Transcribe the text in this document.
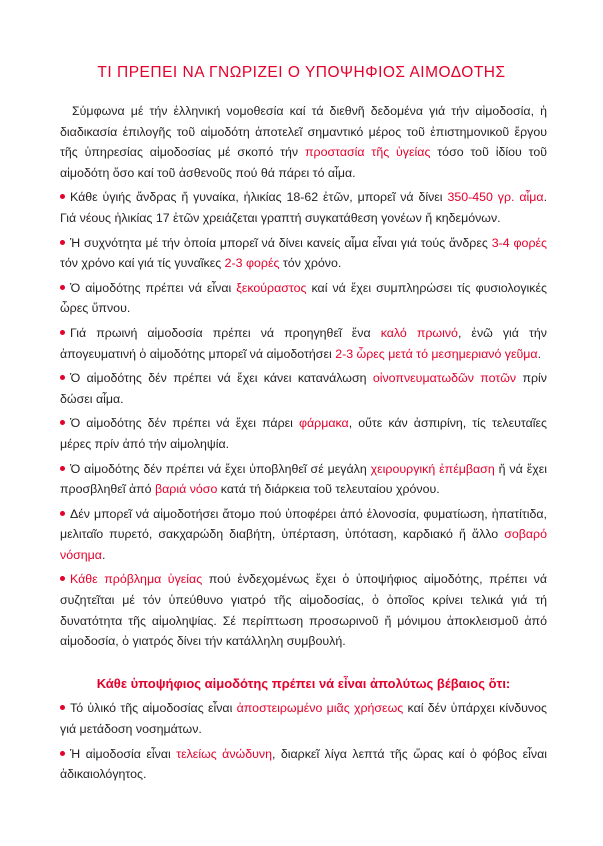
ΤΙ ΠΡΕΠΕΙ ΝΑ ΓΝΩΡΙΖΕΙ Ο ΥΠΟΨΗΦΙΟΣ ΑΙΜΟΔΟΤΗΣ

Σύμφωνα μέ τήν ἑλληνική νομοθεσία καί τά διεθνῆ δεδομένα γιά τήν αἱμοδοσία, ἡ διαδικασία ἐπιλογῆς τοῦ αἱμοδότη ἀποτελεῖ σημαντικό μέρος τοῦ ἐπιστημονικοῦ ἔργου τῆς ὑπηρεσίας αἱμοδοσίας μέ σκοπό τήν προστασία τῆς ὑγείας τόσο τοῦ ἰδίου τοῦ αἱμοδότη ὅσο καί τοῦ ἀσθενοῦς πού θά πάρει τό αἷμα.

Κάθε ὑγιής ἄνδρας ἤ γυναίκα, ἡλικίας 18-62 ἐτῶν, μπορεῖ νά δίνει 350-450 γρ. αἷμα. Γιά νέους ἡλικίας 17 ἐτῶν χρειάζεται γραπτή συγκατάθεση γονέων ἤ κηδεμόνων.

Ἡ συχνότητα μέ τήν ὁποία μπορεῖ νά δίνει κανείς αἷμα εἶναι γιά τούς ἄνδρες 3-4 φορές τόν χρόνο καί γιά τίς γυναῖκες 2-3 φορές τόν χρόνο.

Ὁ αἱμοδότης πρέπει νά εἶναι ξεκούραστος καί νά ἔχει συμπληρώσει τίς φυσιολογικές ὧρες ὕπνου.

Γιά πρωινή αἱμοδοσία πρέπει νά προηγηθεῖ ἕνα καλό πρωινό, ἐνῶ γιά τήν ἀπογευματινή ὁ αἱμοδότης μπορεῖ νά αἱμοδοτήσει 2-3 ὧρες μετά τό μεσημεριανό γεῦμα.

Ὁ αἱμοδότης δέν πρέπει νά ἔχει κάνει κατανάλωση οἰνοπνευματωδῶν ποτῶν πρίν δώσει αἷμα.

Ὁ αἱμοδότης δέν πρέπει νά ἔχει πάρει φάρμακα, οὔτε κάν ἀσπιρίνη, τίς τελευταῖες μέρες πρίν ἀπό τήν αἱμοληψία.

Ὁ αἱμοδότης δέν πρέπει νά ἔχει ὑποβληθεῖ σέ μεγάλη χειρουργική ἐπέμβαση ἤ νά ἔχει προσβληθεῖ ἀπό βαριά νόσο κατά τή διάρκεια τοῦ τελευταίου χρόνου.

Δέν μπορεῖ νά αἱμοδοτήσει ἄτομο πού ὑποφέρει ἀπό ἑλονοσία, φυματίωση, ἡπατίτιδα, μελιταῖο πυρετό, σακχαρώδη διαβήτη, ὑπέρταση, ὑπόταση, καρδιακό ἤ ἄλλο σοβαρό νόσημα.

Κάθε πρόβλημα ὑγείας πού ἐνδεχομένως ἔχει ὁ ὑποψήφιος αἱμοδότης, πρέπει νά συζητεῖται μέ τόν ὑπεύθυνο γιατρό τῆς αἱμοδοσίας, ὁ ὁποῖος κρίνει τελικά γιά τή δυνατότητα τῆς αἱμοληψίας. Σέ περίπτωση προσωρινοῦ ἤ μόνιμου ἀποκλεισμοῦ ἀπό αἱμοδοσία, ὁ γιατρός δίνει τήν κατάλληλη συμβουλή.

Κάθε ὑποψήφιος αἱμοδότης πρέπει νά εἶναι ἀπολύτως βέβαιος ὅτι:

Τό ὑλικό τῆς αἱμοδοσίας εἶναι ἀποστειρωμένο μιᾶς χρήσεως καί δέν ὑπάρχει κίνδυνος γιά μετάδοση νοσημάτων.

Ἡ αἱμοδοσία εἶναι τελείως ἀνώδυνη, διαρκεῖ λίγα λεπτά τῆς ὥρας καί ὁ φόβος εἶναι ἀδικαιολόγητος.
